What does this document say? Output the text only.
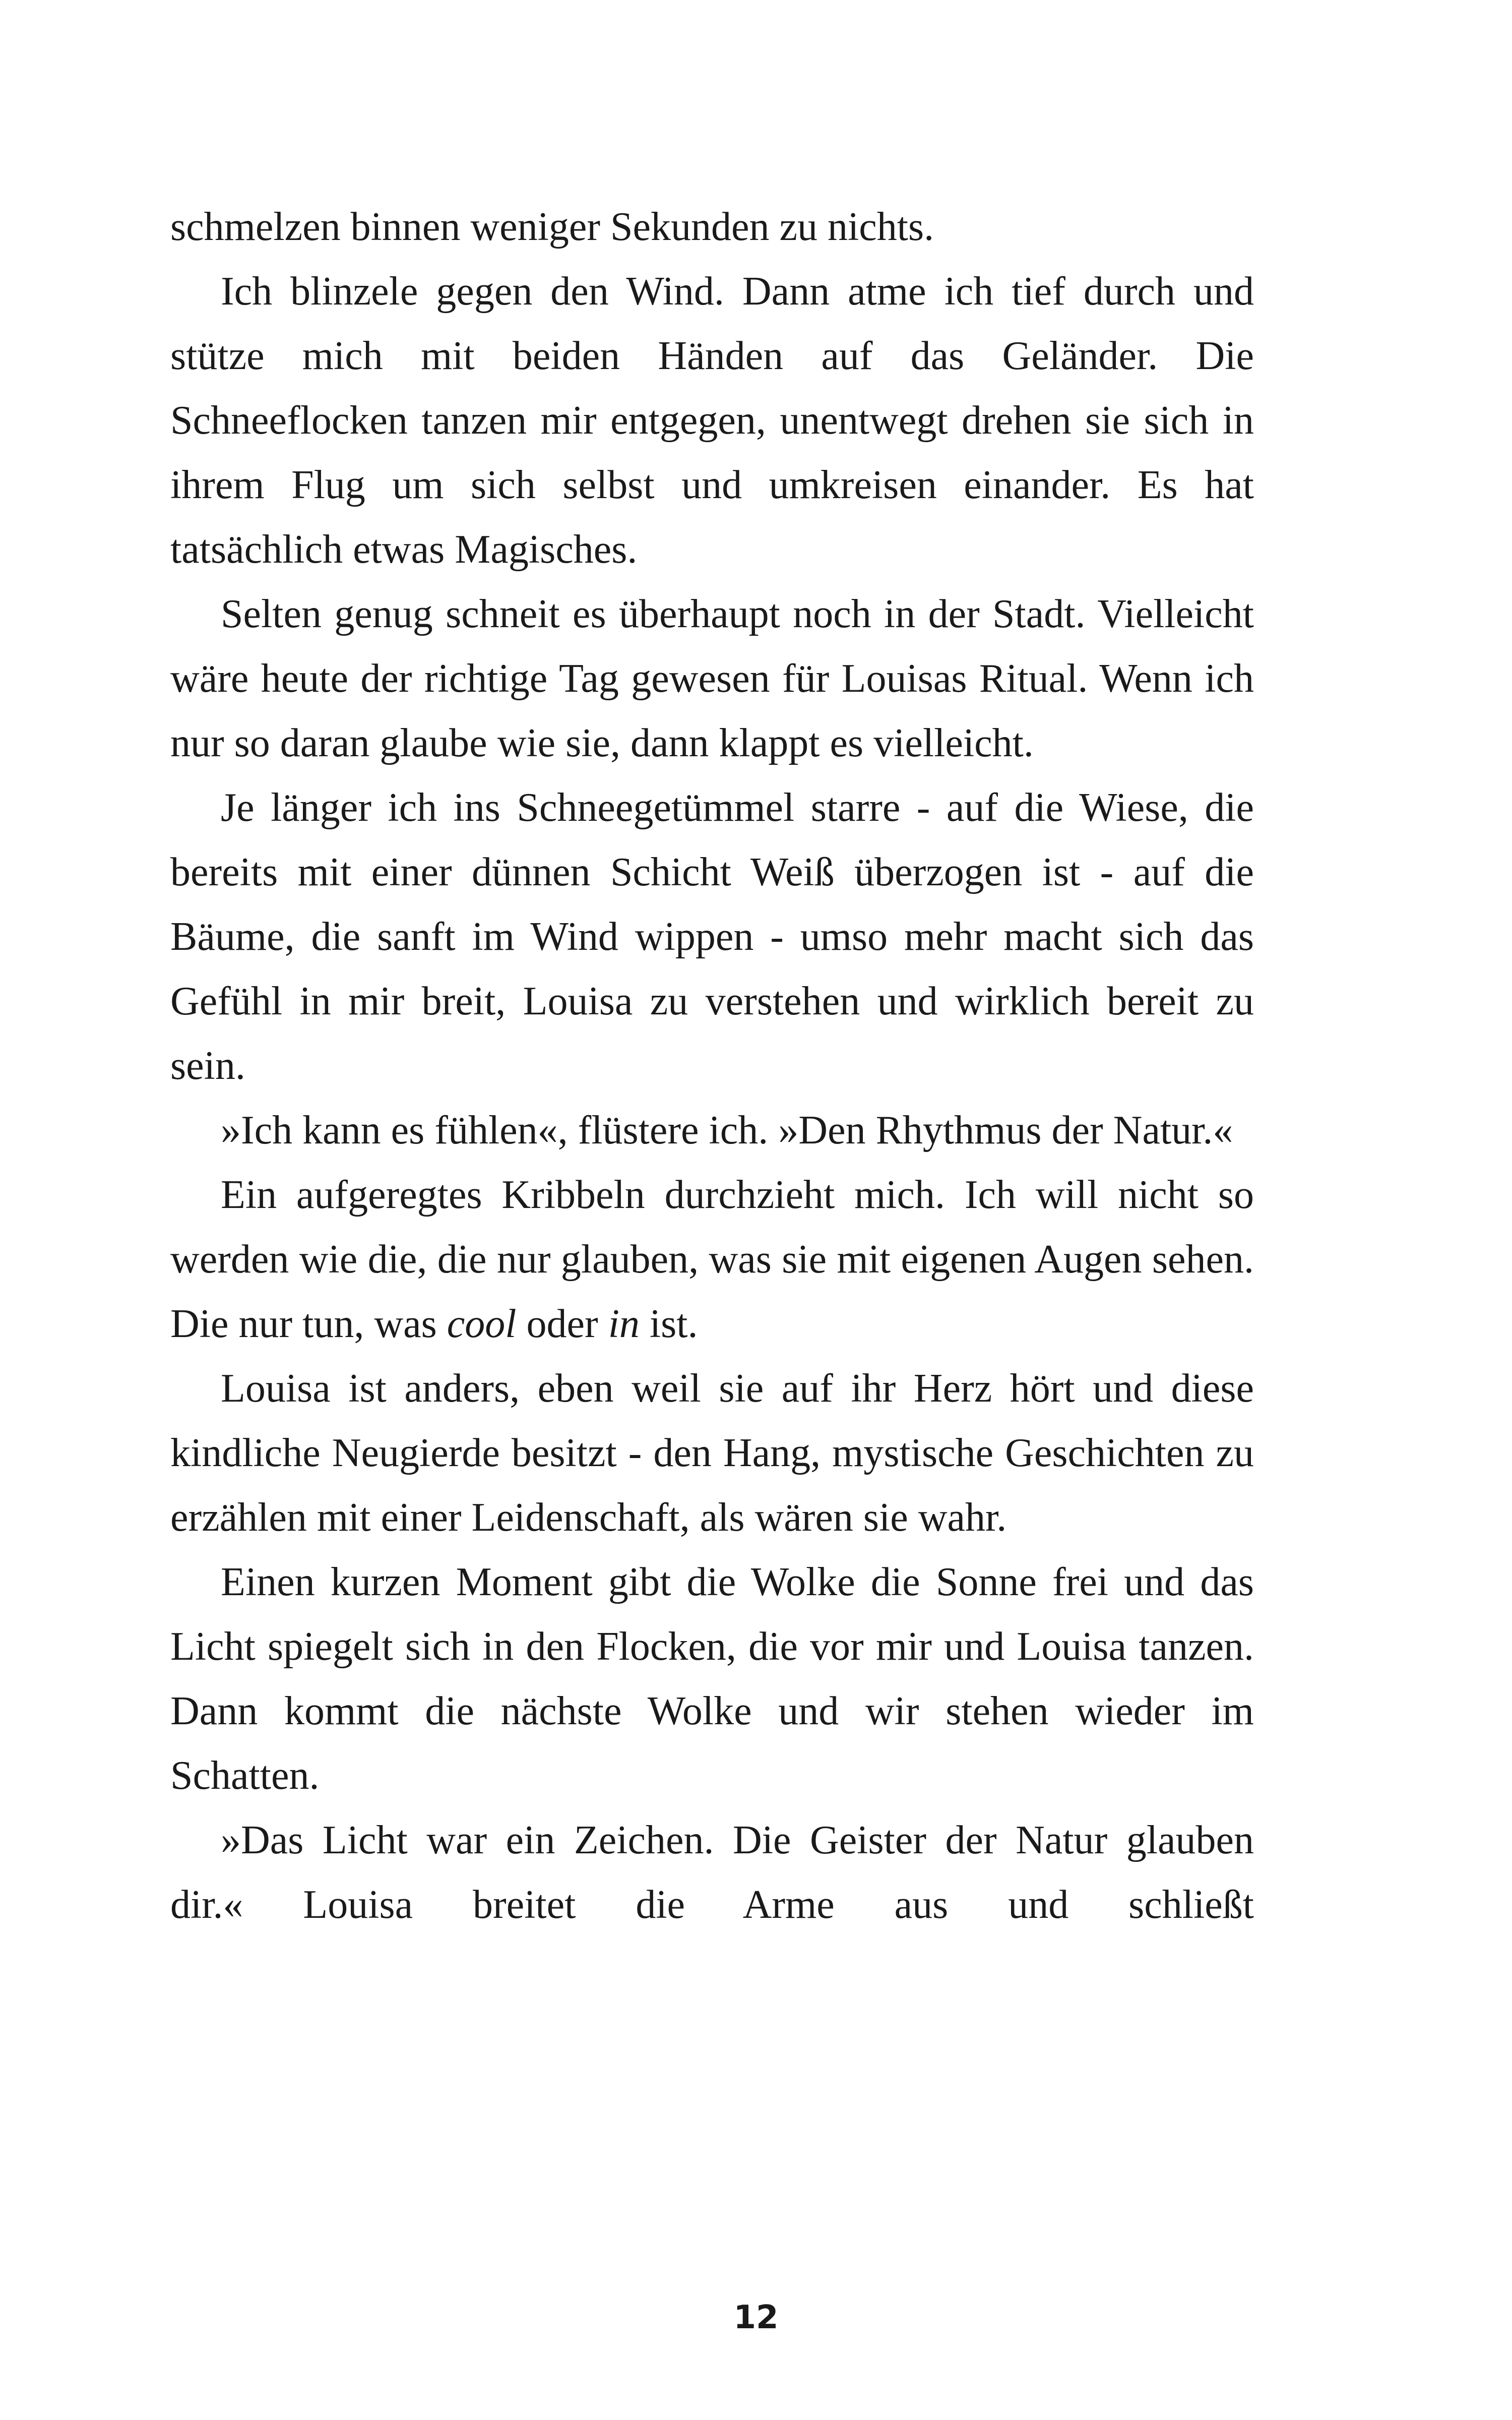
schmelzen binnen weniger Sekunden zu nichts.

Ich blinzele gegen den Wind. Dann atme ich tief durch und stütze mich mit beiden Händen auf das Geländer. Die Schneeflocken tanzen mir entgegen, unentwegt drehen sie sich in ihrem Flug um sich selbst und umkreisen einander. Es hat tatsächlich etwas Magisches.

Selten genug schneit es überhaupt noch in der Stadt. Vielleicht wäre heute der richtige Tag gewesen für Louisas Ritual. Wenn ich nur so daran glaube wie sie, dann klappt es vielleicht.

Je länger ich ins Schneegetümmel starre - auf die Wiese, die bereits mit einer dünnen Schicht Weiß überzogen ist - auf die Bäume, die sanft im Wind wippen - umso mehr macht sich das Gefühl in mir breit, Louisa zu verstehen und wirklich bereit zu sein.

»Ich kann es fühlen«, flüstere ich. »Den Rhythmus der Natur.«

Ein aufgeregtes Kribbeln durchzieht mich. Ich will nicht so werden wie die, die nur glauben, was sie mit eigenen Augen sehen. Die nur tun, was cool oder in ist.

Louisa ist anders, eben weil sie auf ihr Herz hört und diese kindliche Neugierde besitzt - den Hang, mystische Geschichten zu erzählen mit einer Leidenschaft, als wären sie wahr.

Einen kurzen Moment gibt die Wolke die Sonne frei und das Licht spiegelt sich in den Flocken, die vor mir und Louisa tanzen. Dann kommt die nächste Wolke und wir stehen wieder im Schatten.

»Das Licht war ein Zeichen. Die Geister der Natur glauben dir.« Louisa breitet die Arme aus und schließt

12
